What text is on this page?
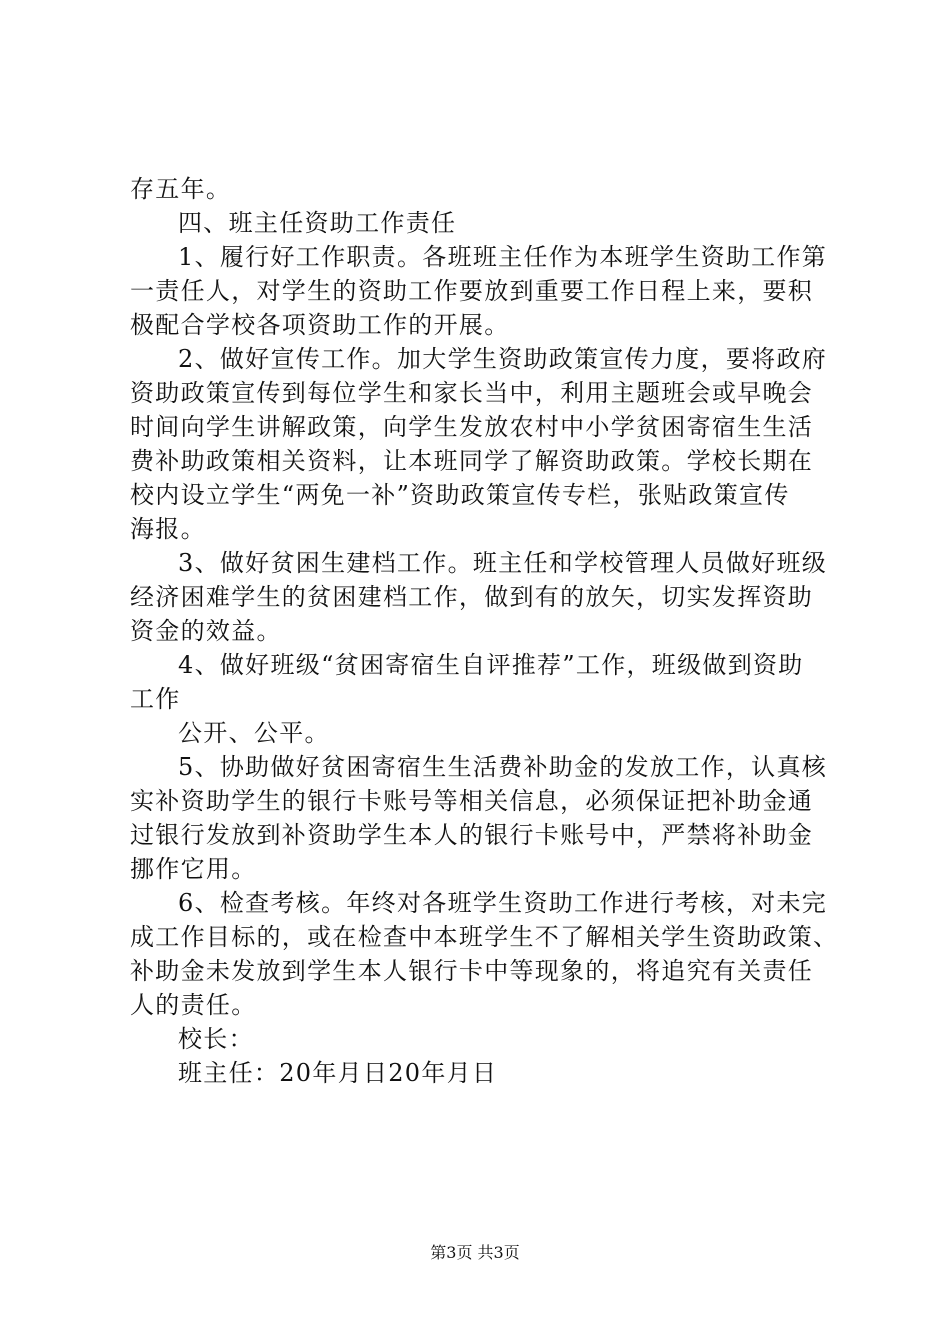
存五年。
四、班主任资助工作责任
1、履行好工作职责。各班班主任作为本班学生资助工作第
一责任人，对学生的资助工作要放到重要工作日程上来，要积
极配合学校各项资助工作的开展。
2、做好宣传工作。加大学生资助政策宣传力度，要将政府
资助政策宣传到每位学生和家长当中，利用主题班会或早晚会
时间向学生讲解政策，向学生发放农村中小学贫困寄宿生生活
费补助政策相关资料，让本班同学了解资助政策。学校长期在
校内设立学生“两免一补”资助政策宣传专栏，张贴政策宣传
海报。
3、做好贫困生建档工作。班主任和学校管理人员做好班级
经济困难学生的贫困建档工作，做到有的放矢，切实发挥资助
资金的效益。
4、做好班级“贫困寄宿生自评推荐”工作，班级做到资助
工作
公开、公平。
5、协助做好贫困寄宿生生活费补助金的发放工作，认真核
实补资助学生的银行卡账号等相关信息，必须保证把补助金通
过银行发放到补资助学生本人的银行卡账号中，严禁将补助金
挪作它用。
6、检查考核。年终对各班学生资助工作进行考核，对未完
成工作目标的，或在检查中本班学生不了解相关学生资助政策、
补助金未发放到学生本人银行卡中等现象的，将追究有关责任
人的责任。
校长：
班主任：20年月日20年月日
第3页 共3页
